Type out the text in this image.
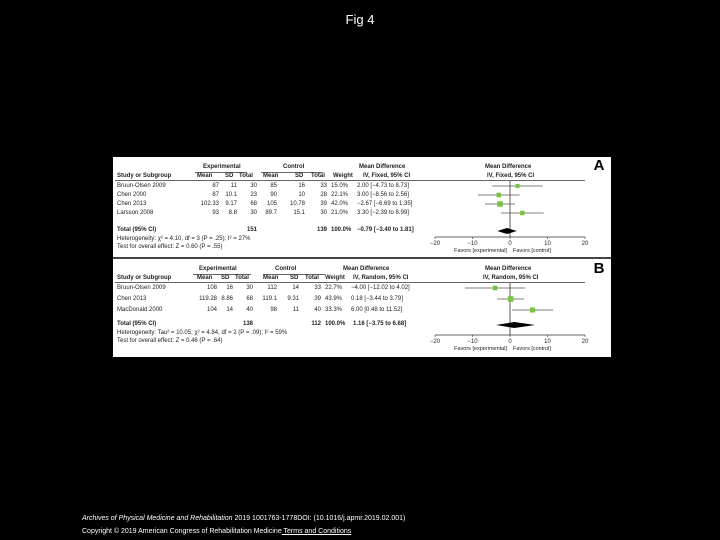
Fig 4
A
Experimental	Control	Mean Difference	Mean Difference
Study or Subgroup	Mean SD Total Mean	SD Total Weight IV, Fixed, 95% CI	IV, Fixed, 95% CI
Bruun-Olsen 2009	87	11	30	85	16	33 15.0% 2.00 [−4.73 to 8.73]
Chen 2000	87	10.1	23	90	10	28 22.1% 3.00 [−8.56 to 2.56]
Chen 2013	102.33	9.17	68	105	10.78	39 42.0% −2.67 [−6.69 to 1.35]
Larsson 2008	93	8.8	30	89.7	15.1	30 21.0% 3.30 [−2.39 to 8.99]
Total (95% CI)	151	139 100.0% −0.79 [−3.40 to 1.81]
Heterogeneity: χ² = 4.10, df = 3 (P = .25); I² = 27%
Test for overall effect: Z = 0.60 (P = .55)	−20	−10	0	10	20
Favors [experimental] Favors [control]
B
Experimental	Control	Mean Difference	Mean Difference
Study or Subgroup	Mean SD Total Mean SD Total Weight IV, Random, 95% CI	IV, Random, 95% CI
Bruun-Olsen 2009	108	16	30	112	14	33 22.7% −4.00 [−12.02 to 4.02]
Chen 2013	119.28 8.86	68	119.1	9.31	39 43.9% 0.18 [−3.44 to 3.79]
MacDonald 2000	104	14	40	98	11	40 33.3% 6.00 [0.48 to 11.52]
Total (95% CI)	138	112 100.0% 1.16 [−3.75 to 6.68]
Heterogeneity: Tau² = 10.05; χ² = 4.84, df = 2 (P = .09); I² = 59%
Test for overall effect: Z = 0.46 (P = .64)	−20	−10	0	10	20
Favors [experimental] Favors [control]
Archives of Physical Medicine and Rehabilitation 2019 1001763-1778DOI: (10.1016/j.apmr.2019.02.001)
Copyright © 2019 American Congress of Rehabilitation Medicine Terms and Conditions
